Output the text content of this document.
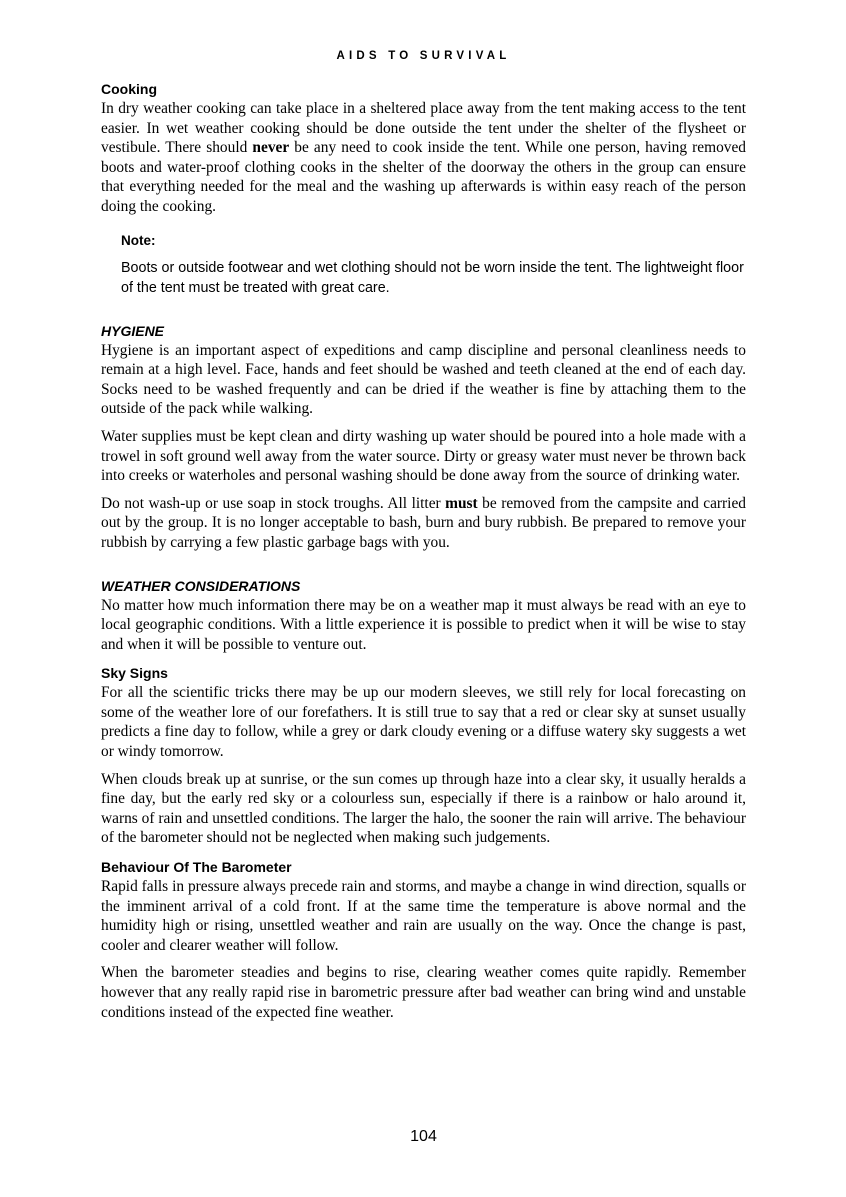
AIDS TO SURVIVAL
Cooking

In dry weather cooking can take place in a sheltered place away from the tent making access to the tent easier. In wet weather cooking should be done outside the tent under the shelter of the flysheet or vestibule. There should never be any need to cook inside the tent. While one person, having removed boots and water-proof clothing cooks in the shelter of the doorway the others in the group can ensure that everything needed for the meal and the washing up afterwards is within easy reach of the person doing the cooking.

Note:

Boots or outside footwear and wet clothing should not be worn inside the tent. The lightweight floor of the tent must be treated with great care.

HYGIENE

Hygiene is an important aspect of expeditions and camp discipline and personal cleanliness needs to remain at a high level. Face, hands and feet should be washed and teeth cleaned at the end of each day. Socks need to be washed frequently and can be dried if the weather is fine by attaching them to the outside of the pack while walking.

Water supplies must be kept clean and dirty washing up water should be poured into a hole made with a trowel in soft ground well away from the water source. Dirty or greasy water must never be thrown back into creeks or waterholes and personal washing should be done away from the source of drinking water.

Do not wash-up or use soap in stock troughs. All litter must be removed from the campsite and carried out by the group. It is no longer acceptable to bash, burn and bury rubbish. Be prepared to remove your rubbish by carrying a few plastic garbage bags with you.

WEATHER CONSIDERATIONS

No matter how much information there may be on a weather map it must always be read with an eye to local geographic conditions. With a little experience it is possible to predict when it will be wise to stay and when it will be possible to venture out.

Sky Signs

For all the scientific tricks there may be up our modern sleeves, we still rely for local forecasting on some of the weather lore of our forefathers. It is still true to say that a red or clear sky at sunset usually predicts a fine day to follow, while a grey or dark cloudy evening or a diffuse watery sky suggests a wet or windy tomorrow.

When clouds break up at sunrise, or the sun comes up through haze into a clear sky, it usually heralds a fine day, but the early red sky or a colourless sun, especially if there is a rainbow or halo around it, warns of rain and unsettled conditions. The larger the halo, the sooner the rain will arrive. The behaviour of the barometer should not be neglected when making such judgements.

Behaviour Of The Barometer

Rapid falls in pressure always precede rain and storms, and maybe a change in wind direction, squalls or the imminent arrival of a cold front. If at the same time the temperature is above normal and the humidity high or rising, unsettled weather and rain are usually on the way. Once the change is past, cooler and clearer weather will follow.

When the barometer steadies and begins to rise, clearing weather comes quite rapidly. Remember however that any really rapid rise in barometric pressure after bad weather can bring wind and unstable conditions instead of the expected fine weather.

104
